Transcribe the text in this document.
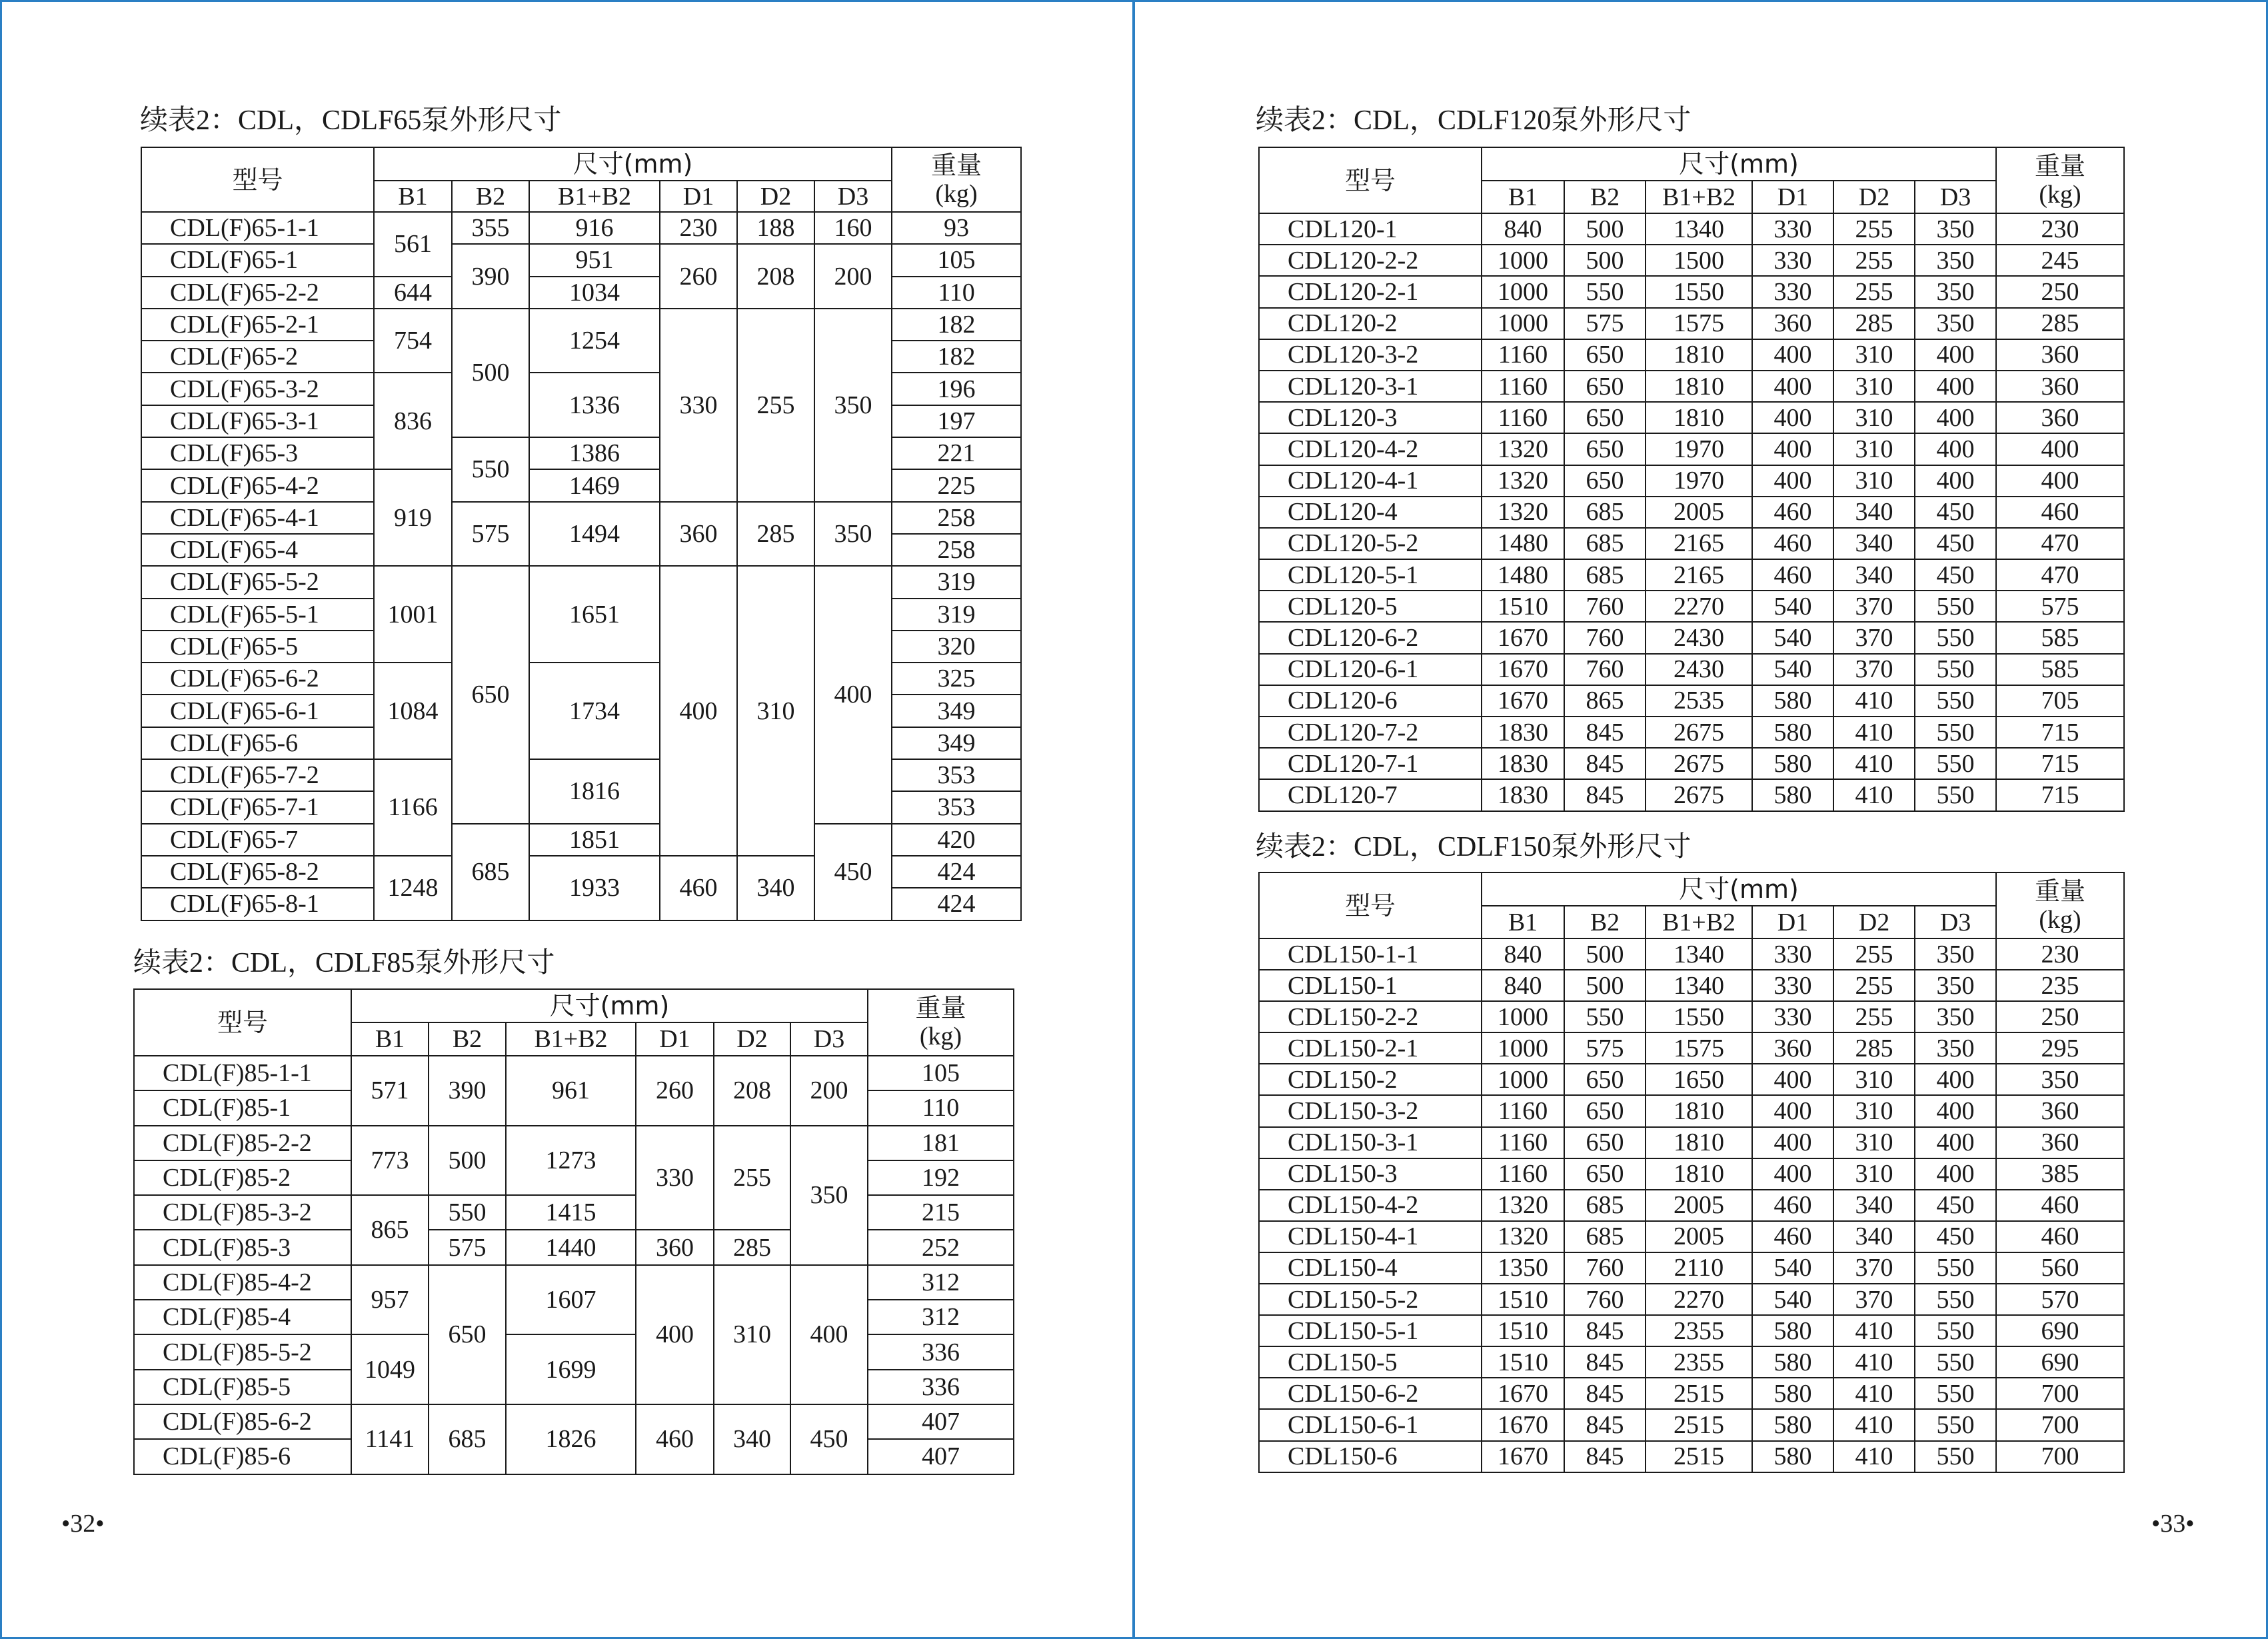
续表2：CDL，CDLF65泵外形尺寸
型号	尺寸(mm)						重量
(kg)
	B1	B2	B1+B2	D1	D2	D3	
CDL(F)65-1-1	561	355	916	230	188	160	93
CDL(F)65-1		390	951	260	208	200	105
CDL(F)65-2-2	644		1034				110
CDL(F)65-2-1	754	500	1254	330	255	350	182
CDL(F)65-2							182
CDL(F)65-3-2	836		1336				196
CDL(F)65-3-1							197
CDL(F)65-3		550	1386				221
CDL(F)65-4-2	919		1469				225
CDL(F)65-4-1		575	1494	360	285	350	258
CDL(F)65-4							258
CDL(F)65-5-2	1001	650	1651	400	310	400	319
CDL(F)65-5-1							319
CDL(F)65-5							320
CDL(F)65-6-2	1084		1734				325
CDL(F)65-6-1							349
CDL(F)65-6							349
CDL(F)65-7-2	1166		1816				353
CDL(F)65-7-1							353
CDL(F)65-7		685	1851			450	420
CDL(F)65-8-2	1248		1933	460	340		424
CDL(F)65-8-1							424
续表2：CDL，CDLF85泵外形尺寸
型号	尺寸(mm)						重量
(kg)
	B1	B2	B1+B2	D1	D2	D3	
CDL(F)85-1-1	571	390	961	260	208	200	105
CDL(F)85-1							110
CDL(F)85-2-2	773	500	1273	330	255	350	181
CDL(F)85-2							192
CDL(F)85-3-2	865	550	1415				215
CDL(F)85-3		575	1440	360	285		252
CDL(F)85-4-2	957	650	1607	400	310	400	312
CDL(F)85-4							312
CDL(F)85-5-2	1049		1699				336
CDL(F)85-5							336
CDL(F)85-6-2	1141	685	1826	460	340	450	407
CDL(F)85-6							407
•32•
续表2：CDL，CDLF120泵外形尺寸
型号	尺寸(mm)						重量
(kg)
	B1	B2	B1+B2	D1	D2	D3	
CDL120-1	840	500	1340	330	255	350	230
CDL120-2-2	1000	500	1500	330	255	350	245
CDL120-2-1	1000	550	1550	330	255	350	250
CDL120-2	1000	575	1575	360	285	350	285
CDL120-3-2	1160	650	1810	400	310	400	360
CDL120-3-1	1160	650	1810	400	310	400	360
CDL120-3	1160	650	1810	400	310	400	360
CDL120-4-2	1320	650	1970	400	310	400	400
CDL120-4-1	1320	650	1970	400	310	400	400
CDL120-4	1320	685	2005	460	340	450	460
CDL120-5-2	1480	685	2165	460	340	450	470
CDL120-5-1	1480	685	2165	460	340	450	470
CDL120-5	1510	760	2270	540	370	550	575
CDL120-6-2	1670	760	2430	540	370	550	585
CDL120-6-1	1670	760	2430	540	370	550	585
CDL120-6	1670	865	2535	580	410	550	705
CDL120-7-2	1830	845	2675	580	410	550	715
CDL120-7-1	1830	845	2675	580	410	550	715
CDL120-7	1830	845	2675	580	410	550	715
续表2：CDL，CDLF150泵外形尺寸
型号	尺寸(mm)						重量
(kg)
	B1	B2	B1+B2	D1	D2	D3	
CDL150-1-1	840	500	1340	330	255	350	230
CDL150-1	840	500	1340	330	255	350	235
CDL150-2-2	1000	550	1550	330	255	350	250
CDL150-2-1	1000	575	1575	360	285	350	295
CDL150-2	1000	650	1650	400	310	400	350
CDL150-3-2	1160	650	1810	400	310	400	360
CDL150-3-1	1160	650	1810	400	310	400	360
CDL150-3	1160	650	1810	400	310	400	385
CDL150-4-2	1320	685	2005	460	340	450	460
CDL150-4-1	1320	685	2005	460	340	450	460
CDL150-4	1350	760	2110	540	370	550	560
CDL150-5-2	1510	760	2270	540	370	550	570
CDL150-5-1	1510	845	2355	580	410	550	690
CDL150-5	1510	845	2355	580	410	550	690
CDL150-6-2	1670	845	2515	580	410	550	700
CDL150-6-1	1670	845	2515	580	410	550	700
CDL150-6	1670	845	2515	580	410	550	700
•33•
